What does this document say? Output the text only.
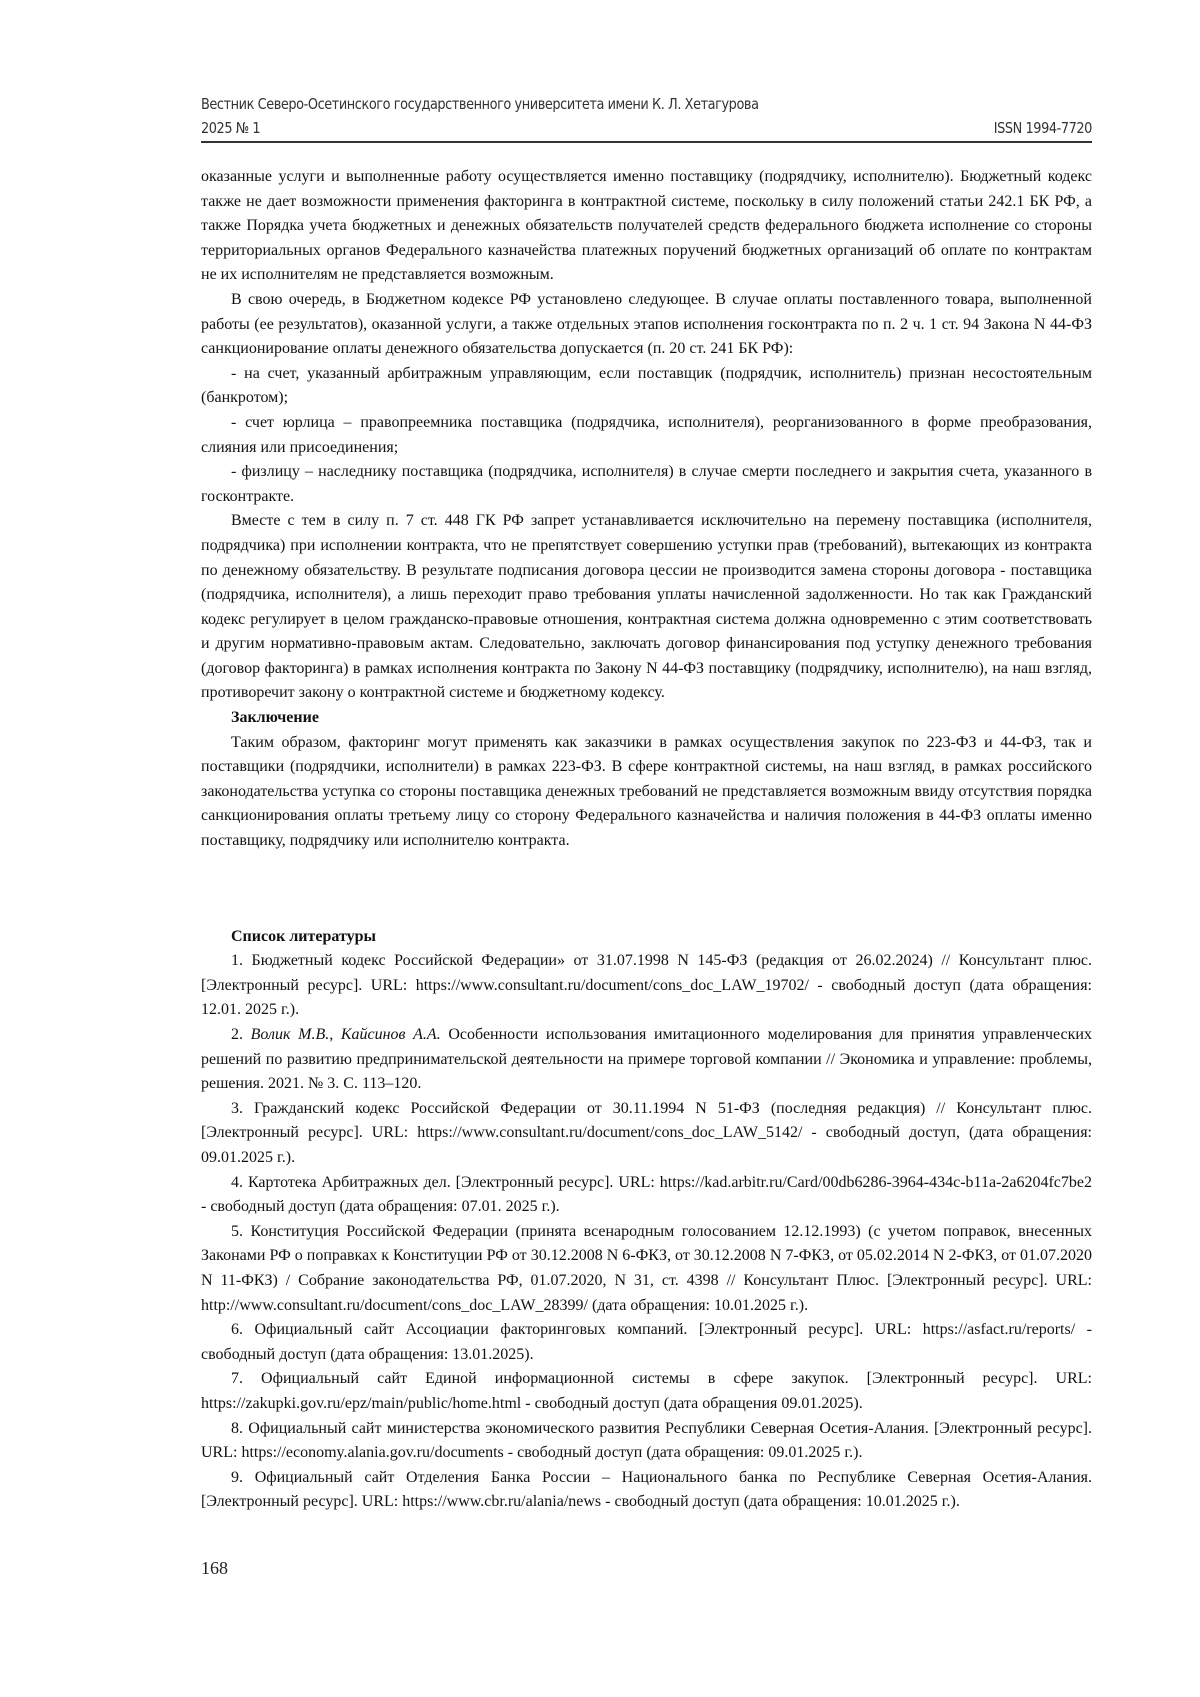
Вестник Северо-Осетинского государственного университета имени К. Л. Хетагурова
2025 № 1	ISSN 1994-7720

оказанные услуги и выполненные работу осуществляется именно поставщику (подрядчику, исполнителю). Бюджетный кодекс также не дает возможности применения факторинга в контрактной системе, поскольку в силу положений статьи 242.1 БК РФ, а также Порядка учета бюджетных и денежных обязательств получателей средств федерального бюджета исполнение со стороны территориальных органов Федерального казначейства платежных поручений бюджетных организаций об оплате по контрактам не их исполнителям не представляется возможным.

В свою очередь, в Бюджетном кодексе РФ установлено следующее. В случае оплаты поставленного товара, выполненной работы (ее результатов), оказанной услуги, а также отдельных этапов исполнения госконтракта по п. 2 ч. 1 ст. 94 Закона N 44-ФЗ санкционирование оплаты денежного обязательства допускается (п. 20 ст. 241 БК РФ):

- на счет, указанный арбитражным управляющим, если поставщик (подрядчик, исполнитель) признан несостоятельным (банкротом);

- счет юрлица – правопреемника поставщика (подрядчика, исполнителя), реорганизованного в форме преобразования, слияния или присоединения;

- физлицу – наследнику поставщика (подрядчика, исполнителя) в случае смерти последнего и закрытия счета, указанного в госконтракте.

Вместе с тем в силу п. 7 ст. 448 ГК РФ запрет устанавливается исключительно на перемену поставщика (исполнителя, подрядчика) при исполнении контракта, что не препятствует совершению уступки прав (требований), вытекающих из контракта по денежному обязательству. В результате подписания договора цессии не производится замена стороны договора - поставщика (подрядчика, исполнителя), а лишь переходит право требования уплаты начисленной задолженности. Но так как Гражданский кодекс регулирует в целом гражданско-правовые отношения, контрактная система должна одновременно с этим соответствовать и другим нормативно-правовым актам. Следовательно, заключать договор финансирования под уступку денежного требования (договор факторинга) в рамках исполнения контракта по Закону N 44-ФЗ поставщику (подрядчику, исполнителю), на наш взгляд, противоречит закону о контрактной системе и бюджетному кодексу.

Заключение

Таким образом, факторинг могут применять как заказчики в рамках осуществления закупок по 223-ФЗ и 44-ФЗ, так и поставщики (подрядчики, исполнители) в рамках 223-ФЗ. В сфере контрактной системы, на наш взгляд, в рамках российского законодательства уступка со стороны поставщика денежных требований не представляется возможным ввиду отсутствия порядка санкционирования оплаты третьему лицу со сторону Федерального казначейства и наличия положения в 44-ФЗ оплаты именно поставщику, подрядчику или исполнителю контракта.

Список литературы

1. Бюджетный кодекс Российской Федерации» от 31.07.1998 N 145-ФЗ (редакция от 26.02.2024) // Консультант плюс. [Электронный ресурс]. URL: https://www.consultant.ru/document/cons_doc_LAW_19702/ - свободный доступ (дата обращения: 12.01. 2025 г.).

2. Волик М.В., Кайсинов А.А. Особенности использования имитационного моделирования для принятия управленческих решений по развитию предпринимательской деятельности на примере торговой компании // Экономика и управление: проблемы, решения. 2021. № 3. С. 113–120.

3. Гражданский кодекс Российской Федерации от 30.11.1994 N 51-ФЗ (последняя редакция) // Консультант плюс. [Электронный ресурс]. URL: https://www.consultant.ru/document/cons_doc_LAW_5142/ - свободный доступ, (дата обращения: 09.01.2025 г.).

4. Картотека Арбитражных дел. [Электронный ресурс]. URL: https://kad.arbitr.ru/Card/00db6286-3964-434c-b11a-2a6204fc7be2 - свободный доступ (дата обращения: 07.01. 2025 г.).

5. Конституция Российской Федерации (принята всенародным голосованием 12.12.1993) (с учетом поправок, внесенных Законами РФ о поправках к Конституции РФ от 30.12.2008 N 6-ФКЗ, от 30.12.2008 N 7-ФКЗ, от 05.02.2014 N 2-ФКЗ, от 01.07.2020 N 11-ФКЗ) / Собрание законодательства РФ, 01.07.2020, N 31, ст. 4398 // Консультант Плюс. [Электронный ресурс]. URL: http://www.consultant.ru/document/cons_doc_LAW_28399/ (дата обращения: 10.01.2025 г.).

6. Официальный сайт Ассоциации факторинговых компаний. [Электронный ресурс]. URL: https://asfact.ru/reports/ - свободный доступ (дата обращения: 13.01.2025).

7. Официальный сайт Единой информационной системы в сфере закупок. [Электронный ресурс]. URL: https://zakupki.gov.ru/epz/main/public/home.html - свободный доступ (дата обращения 09.01.2025).

8. Официальный сайт министерства экономического развития Республики Северная Осетия-Алания. [Электронный ресурс]. URL: https://economy.alania.gov.ru/documents - свободный доступ (дата обращения: 09.01.2025 г.).

9. Официальный сайт Отделения Банка России – Национального банка по Республике Северная Осетия-Алания. [Электронный ресурс]. URL: https://www.cbr.ru/alania/news - свободный доступ (дата обращения: 10.01.2025 г.).

168
